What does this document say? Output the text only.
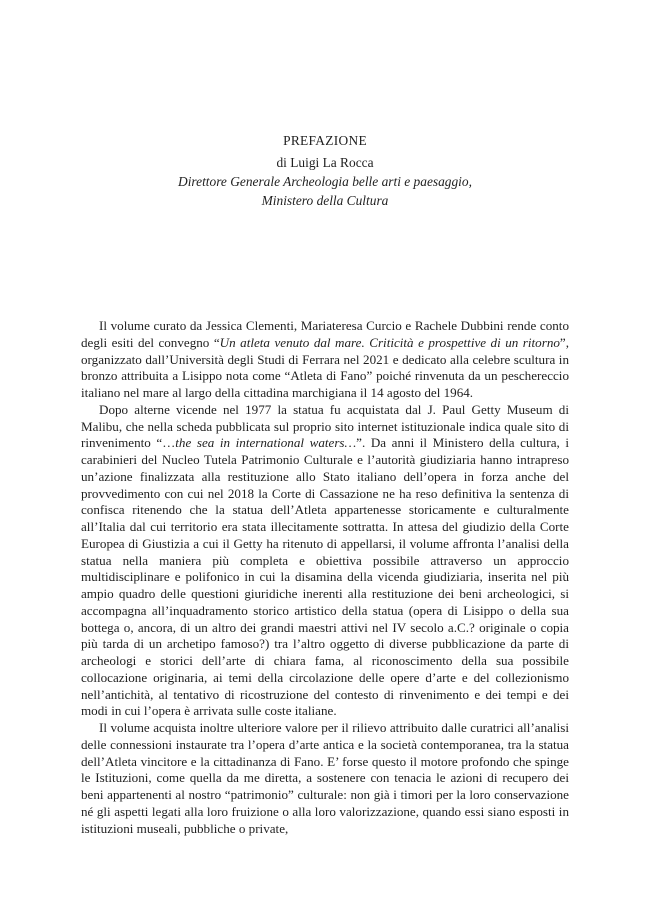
PREFAZIONE
di Luigi La Rocca
Direttore Generale Archeologia belle arti e paesaggio,
Ministero della Cultura

Il volume curato da Jessica Clementi, Mariateresa Curcio e Rachele Dubbini rende conto degli esiti del convegno “Un atleta venuto dal mare. Criticità e prospettive di un ritorno”, organizzato dall’Università degli Studi di Ferrara nel 2021 e dedicato alla celebre scultura in bronzo attribuita a Lisippo nota come “Atleta di Fano” poiché rinvenuta da un peschereccio italiano nel mare al largo della cittadina marchigiana il 14 agosto del 1964.

Dopo alterne vicende nel 1977 la statua fu acquistata dal J. Paul Getty Museum di Malibu, che nella scheda pubblicata sul proprio sito internet istituzionale indica quale sito di rinvenimento “…the sea in international waters…”. Da anni il Ministero della cultura, i carabinieri del Nucleo Tutela Patrimonio Culturale e l’autorità giudiziaria hanno intrapreso un’azione finalizzata alla restituzione allo Stato italiano dell’opera in forza anche del provvedimento con cui nel 2018 la Corte di Cassazione ne ha reso definitiva la sentenza di confisca ritenendo che la statua dell’Atleta appartenesse storicamente e culturalmente all’Italia dal cui territorio era stata illecitamente sottratta. In attesa del giudizio della Corte Europea di Giustizia a cui il Getty ha ritenuto di appellarsi, il volume affronta l’analisi della statua nella maniera più completa e obiettiva possibile attraverso un approccio multidisciplinare e polifonico in cui la disamina della vicenda giudiziaria, inserita nel più ampio quadro delle questioni giuridiche inerenti alla restituzione dei beni archeologici, si accompagna all’inquadramento storico artistico della statua (opera di Lisippo o della sua bottega o, ancora, di un altro dei grandi maestri attivi nel IV secolo a.C.? originale o copia più tarda di un archetipo famoso?) tra l’altro oggetto di diverse pubblicazione da parte di archeologi e storici dell’arte di chiara fama, al riconoscimento della sua possibile collocazione originaria, ai temi della circolazione delle opere d’arte e del collezionismo nell’antichità, al tentativo di ricostruzione del contesto di rinvenimento e dei tempi e dei modi in cui l’opera è arrivata sulle coste italiane.

Il volume acquista inoltre ulteriore valore per il rilievo attribuito dalle curatrici all’analisi delle connessioni instaurate tra l’opera d’arte antica e la società contemporanea, tra la statua dell’Atleta vincitore e la cittadinanza di Fano. E’ forse questo il motore profondo che spinge le Istituzioni, come quella da me diretta, a sostenere con tenacia le azioni di recupero dei beni appartenenti al nostro “patrimonio” culturale: non già i timori per la loro conservazione né gli aspetti legati alla loro fruizione o alla loro valorizzazione, quando essi siano esposti in istituzioni museali, pubbliche o private,
